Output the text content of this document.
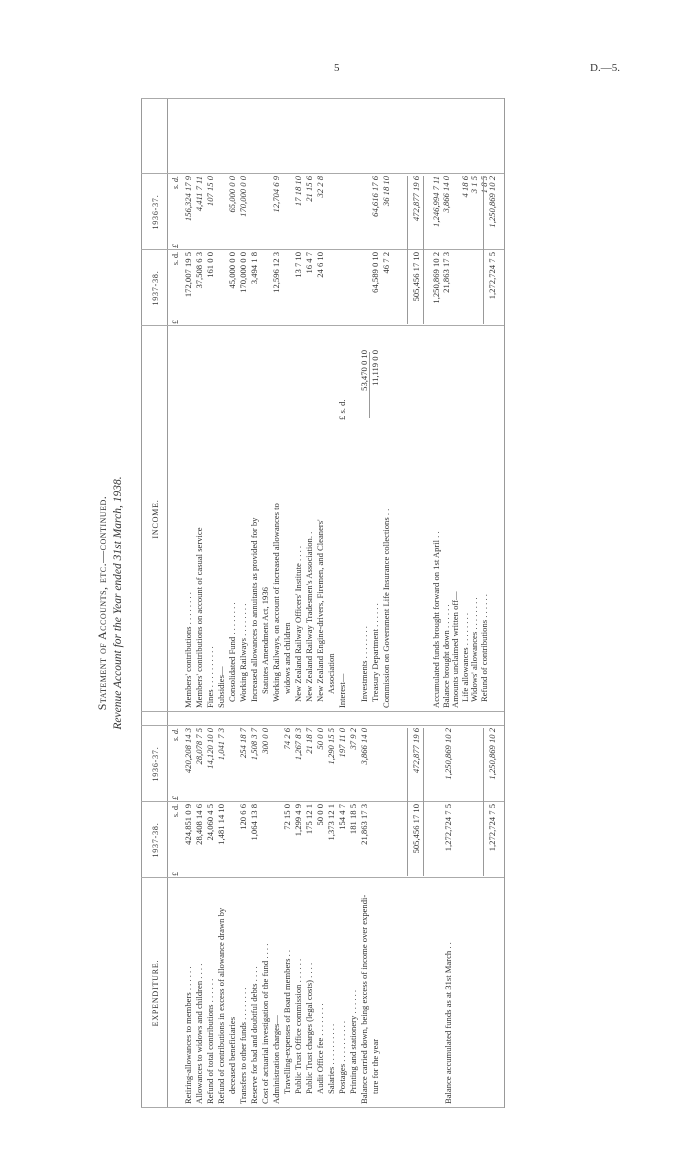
5	D.—5.
Statement of Accounts, etc.—continued. Revenue Account for the Year ended 31st March, 1938.
EXPENDITURE.
1937-38.
1936-37.
INCOME.
1937-38.
1936-37.
£
s. d.
£
s. d.
£
s. d.
£
s. d.
Retiring-allowances to members . . . . . .
424,851 0 9
420,208 14 3
Allowances to widows and children . . . .
28,408 14 6
28,078 7 5
Refund of total contributions . . . . . .
24,060 4 5
14,120 10 0
Refund of contributions in excess of allowance drawn by
1,481 14 10
1,041 7 3
deceased beneficiaries Transfers to other funds . . . . . . . .
120 6 6
254 18 7
Reserve for bad and doubtful debts . . . .
1,064 13 8
1,508 3 7
Cost of actuarial investigation of the fund . . . .
300 0 0
Administration charges— Travelling-expenses of Board members . .
72 15 0
74 2 6
Public Trust Office commission . . . . . .
1,299 4 9
1,267 8 3
Public Trust charges (legal costs) . . . .
175 12 1
21 18 7
Audit Office fee . . . . . . . .
50 0 0
50 0 0
Salaries . . . . . . . . . .
1,373 12 1
1,290 15 5
Postages . . . . . . . . . .
154 4 7
197 11 0
Printing and stationery . . . . . .
181 18 5
37 9 2
Balance carried down, being excess of income over expendi-
21,863 17 3
3,866 14 0
ture for the year
£ s. d.
Members' contributions . . . . . . . .
172,007 19 5
156,324 17 9
Members' contributions on account of casual service
37,508 6 3
4,411 7 11
Fines . . . . . . . . . .
161 0 0
107 15 0
Subsidies— Consolidated Fund . . . . . . . .
45,000 0 0
65,000 0 0
Working Railways . . . . . . . .
170,000 0 0
170,000 0 0
Increased allowances to annuitants as provided for by
3,494 1 8
Statutes Amendment Act, 1936 Working Railways, on account of increased allowances to
12,596 12 3
12,704 6 9
widows and children New Zealand Railway Officers' Institute . . . .
13 7 10
17 18 10
New Zealand Railway Tradesmen's Association. .
16 4 7
21 15 6
New Zealand Engine-drivers, Firemen, and Cleaners'
24 6 10
32 2 8
Association Interest— Investments . . . . . . . .
53,470 0 10
Treasury Department . . . . . .
11,119 0 0
64,589 0 10
64,616 17 6
Commission on Government Life Insurance collections . .
46 7 2
36 18 10
Accumulated funds brought forward on 1st April . .
1,250,869 10 2
1,246,994 7 11
Balance brought down . . . . . .
21,863 17 3
3,866 14 0
Amounts unclaimed written off— Life allowances . . . . . . . .
4 18 6
Widows' allowances . . . . . . . .
3 1 5
Refund of contributions . . . . . .
1 8 5
505,456 17 10
472,877 19 6
505,456 17 10
472,877 19 6
Balance accumulated funds as at 31st March . .
1,272,724 7 5
1,250,869 10 2
1,272,724 7 5
1,250,869 10 2
1,272,724 7 5
1,250,869 10 2
